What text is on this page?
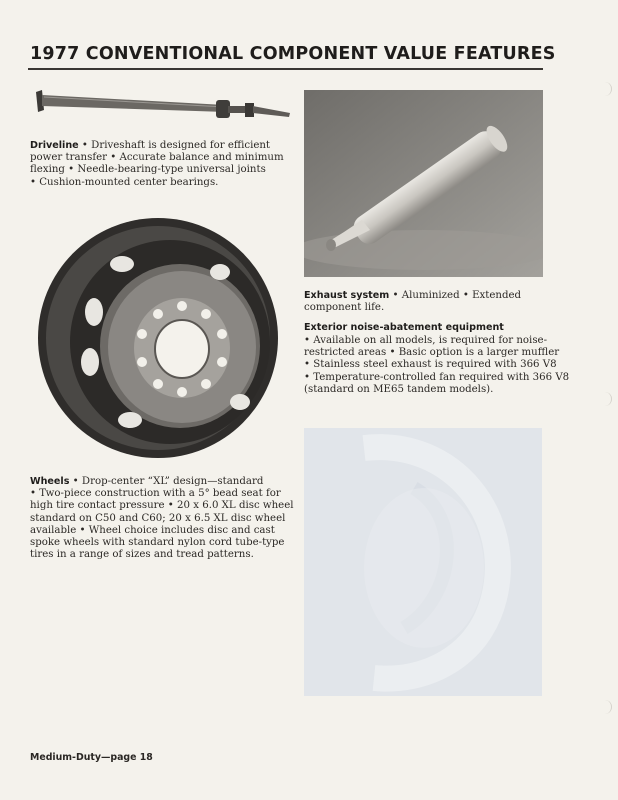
1977 CONVENTIONAL COMPONENT VALUE FEATURES
Driveline • Driveshaft is designed for efficient
power transfer • Accurate balance and minimum
flexing • Needle-bearing-type universal joints
• Cushion-mounted center bearings.
Wheels • Drop-center “XL” design—standard
• Two-piece construction with a 5° bead seat for
high tire contact pressure • 20 x 6.0 XL disc wheel
standard on C50 and C60; 20 x 6.5 XL disc wheel
available • Wheel choice includes disc and cast
spoke wheels with standard nylon cord tube-type
tires in a range of sizes and tread patterns.
Exhaust system • Aluminized • Extended
component life.
Exterior noise-abatement equipment
• Available on all models, is required for noise-
restricted areas • Basic option is a larger muffler
• Stainless steel exhaust is required with 366 V8
• Temperature-controlled fan required with 366 V8
(standard on ME65 tandem models).
Medium-Duty—page 18
